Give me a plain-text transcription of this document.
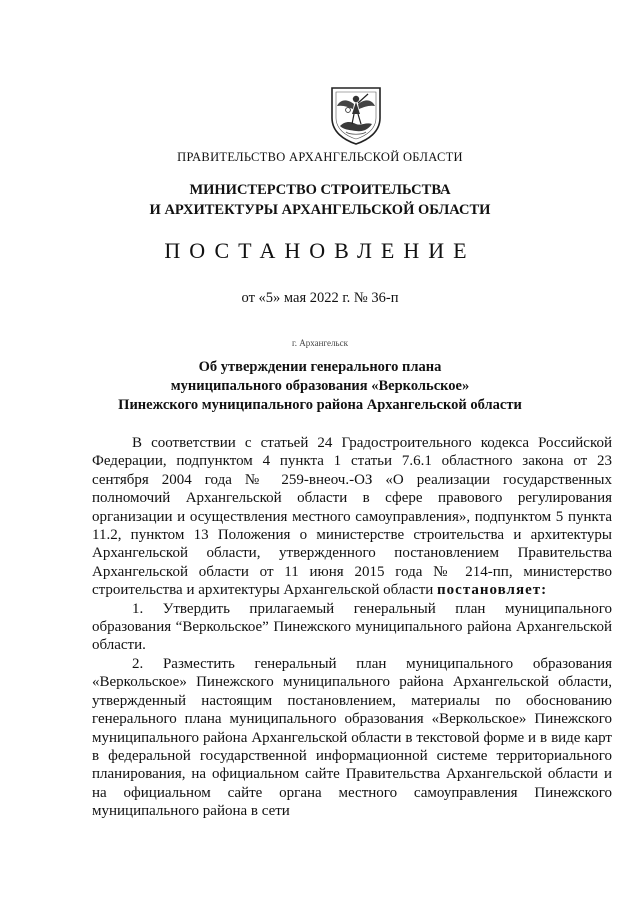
ПРАВИТЕЛЬСТВО АРХАНГЕЛЬСКОЙ ОБЛАСТИ
МИНИСТЕРСТВО СТРОИТЕЛЬСТВА
И АРХИТЕКТУРЫ АРХАНГЕЛЬСКОЙ ОБЛАСТИ
ПОСТАНОВЛЕНИЕ
от «5» мая 2022 г. № 36-п
г. Архангельск
Об утверждении генерального плана
муниципального образования «Веркольское»
Пинежского муниципального района Архангельской области

В соответствии с статьей 24 Градостроительного кодекса Российской Федерации, подпунктом 4 пункта 1 статьи 7.6.1 областного закона от 23 сентября 2004 года № 259-внеоч.-ОЗ «О реализации государственных полномочий Архангельской области в сфере правового регулирования организации и осуществления местного самоуправления», подпунктом 5 пункта 11.2, пунктом 13 Положения о министерстве строительства и архитектуры Архангельской области, утвержденного постановлением Правительства Архангельской области от 11 июня 2015 года № 214-пп, министерство строительства и архитектуры Архангельской области постановляет:

1. Утвердить прилагаемый генеральный план муниципального образования “Веркольское” Пинежского муниципального района Архангельской области.

2. Разместить генеральный план муниципального образования «Веркольское» Пинежского муниципального района Архангельской области, утвержденный настоящим постановлением, материалы по обоснованию генерального плана муниципального образования «Веркольское» Пинежского муниципального района Архангельской области в текстовой форме и в виде карт в федеральной государственной информационной системе территориального планирования, на официальном сайте Правительства Архангельской области и на официальном сайте органа местного самоуправления Пинежского муниципального района в сети
